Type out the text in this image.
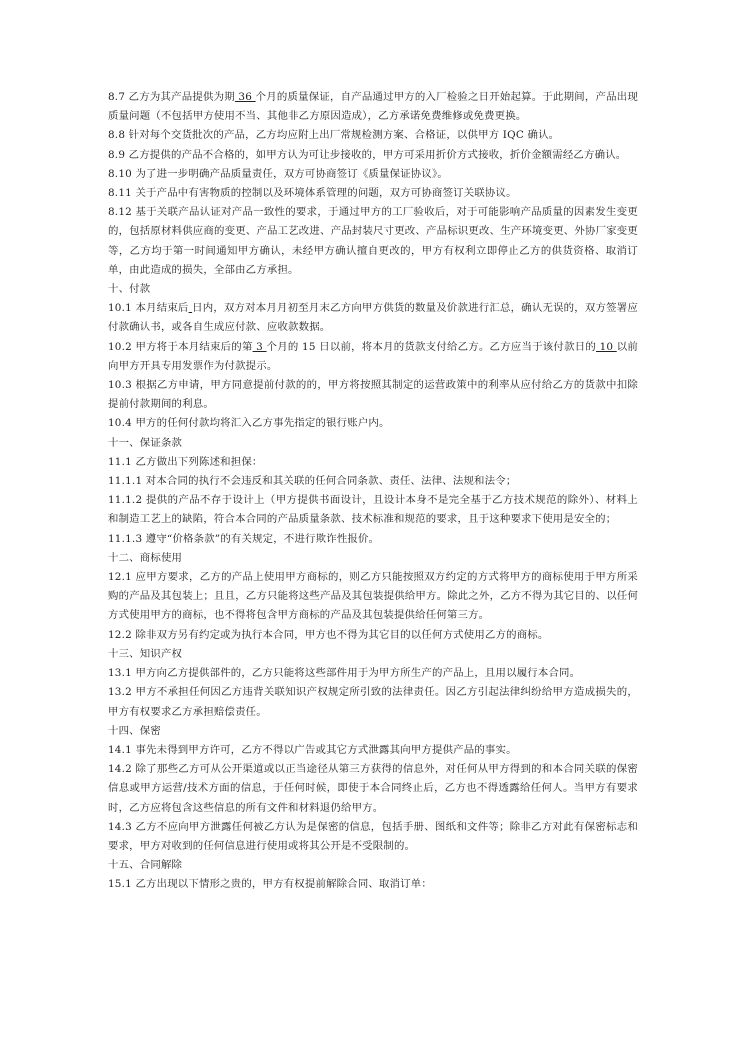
8.7 乙方为其产品提供为期 36 个月的质量保证，自产品通过甲方的入厂检验之日开始起算。于此期间，产品出现质量问题（不包括甲方使用不当、其他非乙方原因造成），乙方承诺免费维修或免费更换。

8.8 针对每个交货批次的产品，乙方均应附上出厂常规检测方案、合格证，以供甲方 IQC 确认。

8.9 乙方提供的产品不合格的，如甲方认为可让步接收的，甲方可采用折价方式接收，折价金额需经乙方确认。

8.10 为了进一步明确产品质量责任，双方可协商签订《质量保证协议》。

8.11 关于产品中有害物质的控制以及环境体系管理的问题，双方可协商签订关联协议。

8.12 基于关联产品认证对产品一致性的要求，于通过甲方的工厂验收后，对于可能影响产品质量的因素发生变更的，包括原材料供应商的变更、产品工艺改进、产品封装尺寸更改、产品标识更改、生产环境变更、外协厂家变更等，乙方均于第一时间通知甲方确认，未经甲方确认擅自更改的，甲方有权利立即停止乙方的供货资格、取消订单，由此造成的损失，全部由乙方承担。

十、付款

10.1 本月结束后 日内，双方对本月月初至月末乙方向甲方供货的数量及价款进行汇总，确认无误的，双方签署应付款确认书，或各自生成应付款、应收款数据。

10.2 甲方将于本月结束后的第 3 个月的 15 日以前，将本月的货款支付给乙方。乙方应当于该付款日的 10 以前向甲方开具专用发票作为付款提示。

10.3 根据乙方申请，甲方同意提前付款的的，甲方将按照其制定的运营政策中的利率从应付给乙方的货款中扣除提前付款期间的利息。

10.4 甲方的任何付款均将汇入乙方事先指定的银行账户内。

十一、保证条款

11.1 乙方做出下列陈述和担保：

11.1.1 对本合同的执行不会违反和其关联的任何合同条款、责任、法律、法规和法令；

11.1.2 提供的产品不存于设计上（甲方提供书面设计，且设计本身不是完全基于乙方技术规范的除外）、材料上和制造工艺上的缺陷，符合本合同的产品质量条款、技术标准和规范的要求，且于这种要求下使用是安全的；

11.1.3 遵守“价格条款”的有关规定，不进行欺诈性报价。

十二、商标使用

12.1 应甲方要求，乙方的产品上使用甲方商标的，则乙方只能按照双方约定的方式将甲方的商标使用于甲方所采购的产品及其包装上；且且，乙方只能将这些产品及其包装提供给甲方。除此之外，乙方不得为其它目的、以任何方式使用甲方的商标，也不得将包含甲方商标的产品及其包装提供给任何第三方。

12.2 除非双方另有约定或为执行本合同，甲方也不得为其它目的以任何方式使用乙方的商标。

十三、知识产权

13.1 甲方向乙方提供部件的，乙方只能将这些部件用于为甲方所生产的产品上，且用以履行本合同。

13.2 甲方不承担任何因乙方违背关联知识产权规定所引致的法律责任。因乙方引起法律纠纷给甲方造成损失的，甲方有权要求乙方承担赔偿责任。

十四、保密

14.1 事先未得到甲方许可，乙方不得以广告或其它方式泄露其向甲方提供产品的事实。

14.2 除了那些乙方可从公开渠道或以正当途径从第三方获得的信息外，对任何从甲方得到的和本合同关联的保密信息或甲方运营/技术方面的信息，于任何时候，即使于本合同终止后，乙方也不得透露给任何人。当甲方有要求时，乙方应将包含这些信息的所有文件和材料退仍给甲方。

14.3 乙方不应向甲方泄露任何被乙方认为是保密的信息，包括手册、图纸和文件等；除非乙方对此有保密标志和要求，甲方对收到的任何信息进行使用或将其公开是不受限制的。

十五、合同解除

15.1 乙方出现以下情形之贵的，甲方有权提前解除合同、取消订单：
